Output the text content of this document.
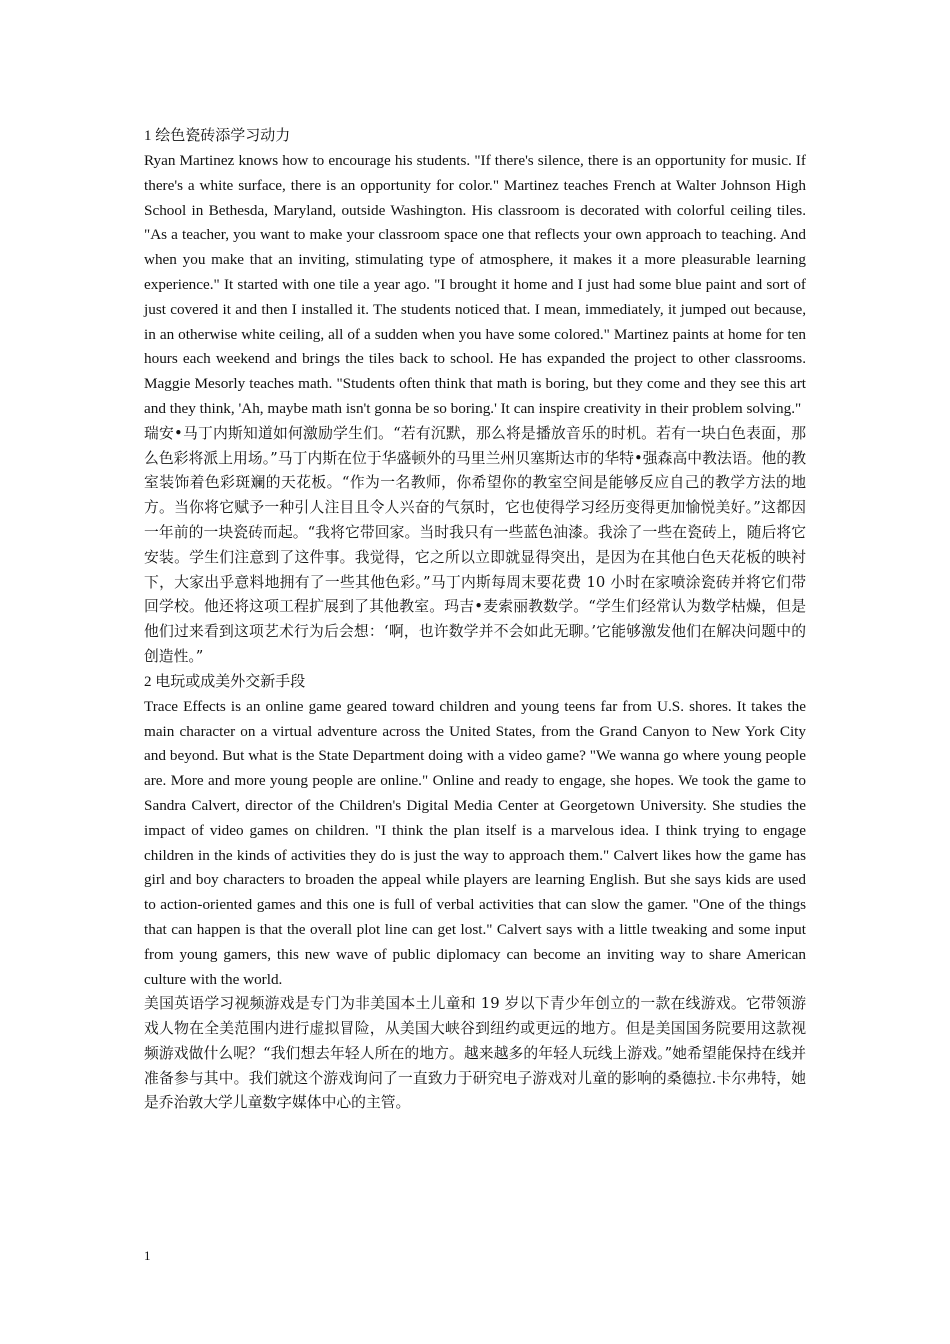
1 绘色瓷砖添学习动力

Ryan Martinez knows how to encourage his students. "If there's silence, there is an opportunity for music. If there's a white surface, there is an opportunity for color." Martinez teaches French at Walter Johnson High School in Bethesda, Maryland, outside Washington. His classroom is decorated with colorful ceiling tiles. "As a teacher, you want to make your classroom space one that reflects your own approach to teaching. And when you make that an inviting, stimulating type of atmosphere, it makes it a more pleasurable learning experience." It started with one tile a year ago. "I brought it home and I just had some blue paint and sort of just covered it and then I installed it. The students noticed that. I mean, immediately, it jumped out because, in an otherwise white ceiling, all of a sudden when you have some colored." Martinez paints at home for ten hours each weekend and brings the tiles back to school. He has expanded the project to other classrooms. Maggie Mesorly teaches math. "Students often think that math is boring, but they come and they see this art and they think, 'Ah, maybe math isn't gonna be so boring.' It can inspire creativity in their problem solving."

瑞安•马丁内斯知道如何激励学生们。“若有沉默，那么将是播放音乐的时机。若有一块白色表面，那么色彩将派上用场。”马丁内斯在位于华盛顿外的马里兰州贝塞斯达市的华特•强森高中教法语。他的教室装饰着色彩斑斓的天花板。“作为一名教师，你希望你的教室空间是能够反应自己的教学方法的地方。当你将它赋予一种引人注目且令人兴奋的气氛时，它也使得学习经历变得更加愉悦美好。”这都因一年前的一块瓷砖而起。“我将它带回家。当时我只有一些蓝色油漆。我涂了一些在瓷砖上，随后将它安装。学生们注意到了这件事。我觉得，它之所以立即就显得突出，是因为在其他白色天花板的映衬下，大家出乎意料地拥有了一些其他色彩。”马丁内斯每周末要花费 10 小时在家喷涂瓷砖并将它们带回学校。他还将这项工程扩展到了其他教室。玛吉•麦索丽教数学。“学生们经常认为数学枯燥，但是他们过来看到这项艺术行为后会想：‘啊，也许数学并不会如此无聊。’它能够激发他们在解决问题中的创造性。”

2 电玩或成美外交新手段

Trace Effects is an online game geared toward children and young teens far from U.S. shores. It takes the main character on a virtual adventure across the United States, from the Grand Canyon to New York City and beyond. But what is the State Department doing with a video game? "We wanna go where young people are. More and more young people are online." Online and ready to engage, she hopes. We took the game to Sandra Calvert, director of the Children's Digital Media Center at Georgetown University. She studies the impact of video games on children. "I think the plan itself is a marvelous idea. I think trying to engage children in the kinds of activities they do is just the way to approach them." Calvert likes how the game has girl and boy characters to broaden the appeal while players are learning English. But she says kids are used to action-oriented games and this one is full of verbal activities that can slow the gamer. "One of the things that can happen is that the overall plot line can get lost." Calvert says with a little tweaking and some input from young gamers, this new wave of public diplomacy can become an inviting way to share American culture with the world.

美国英语学习视频游戏是专门为非美国本土儿童和 19 岁以下青少年创立的一款在线游戏。它带领游戏人物在全美范围内进行虚拟冒险，从美国大峡谷到纽约或更远的地方。但是美国国务院要用这款视频游戏做什么呢？“我们想去年轻人所在的地方。越来越多的年轻人玩线上游戏。”她希望能保持在线并准备参与其中。我们就这个游戏询问了一直致力于研究电子游戏对儿童的影响的桑德拉.卡尔弗特，她是乔治敦大学儿童数字媒体中心的主管。

1
